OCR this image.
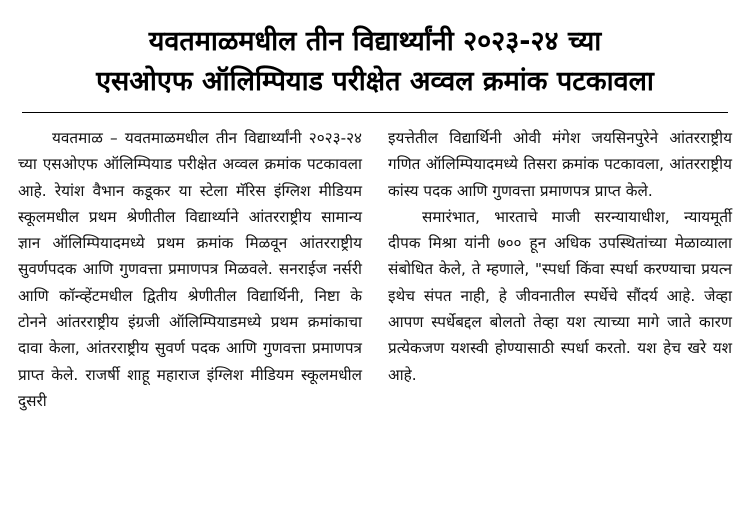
यवतमाळमधील तीन विद्यार्थ्यांनी २०२३-२४ च्या
एसओएफ ऑलिम्पियाड परीक्षेत अव्वल क्रमांक पटकावला

यवतमाळ – यवतमाळमधील तीन विद्यार्थ्यांनी २०२३-२४ च्या एसओएफ ऑलिम्पियाड परीक्षेत अव्वल क्रमांक पटकावला आहे. रेयांश वैभान कडूकर या स्टेला मॅरिस इंग्लिश मीडियम स्कूलमधील प्रथम श्रेणीतील विद्यार्थ्याने आंतरराष्ट्रीय सामान्य ज्ञान ऑलिम्पियादमध्ये प्रथम क्रमांक मिळवून आंतरराष्ट्रीय सुवर्णपदक आणि गुणवत्ता प्रमाणपत्र मिळवले. सनराईज नर्सरी आणि कॉन्व्हेंटमधील द्वितीय श्रेणीतील विद्यार्थिनी, निष्टा के टोनने आंतरराष्ट्रीय इंग्रजी ऑलिम्पियाडमध्ये प्रथम क्रमांकाचा दावा केला, आंतरराष्ट्रीय सुवर्ण पदक आणि गुणवत्ता प्रमाणपत्र प्राप्त केले. राजर्षी शाहू महाराज इंग्लिश मीडियम स्कूलमधील दुसरी

इयत्तेतील विद्यार्थिनी ओवी मंगेश जयसिनपुरेने आंतरराष्ट्रीय गणित ऑलिम्पियादमध्ये तिसरा क्रमांक पटकावला, आंतरराष्ट्रीय कांस्य पदक आणि गुणवत्ता प्रमाणपत्र प्राप्त केले.

समारंभात, भारताचे माजी सरन्यायाधीश, न्यायमूर्ती दीपक मिश्रा यांनी ७०० हून अधिक उपस्थितांच्या मेळाव्याला संबोधित केले, ते म्हणाले, "स्पर्धा किंवा स्पर्धा करण्याचा प्रयत्न इथेच संपत नाही, हे जीवनातील स्पर्धेचे सौंदर्य आहे. जेव्हा आपण स्पर्धेबद्दल बोलतो तेव्हा यश त्याच्या मागे जाते कारण प्रत्येकजण यशस्वी होण्यासाठी स्पर्धा करतो. यश हेच खरे यश आहे.
